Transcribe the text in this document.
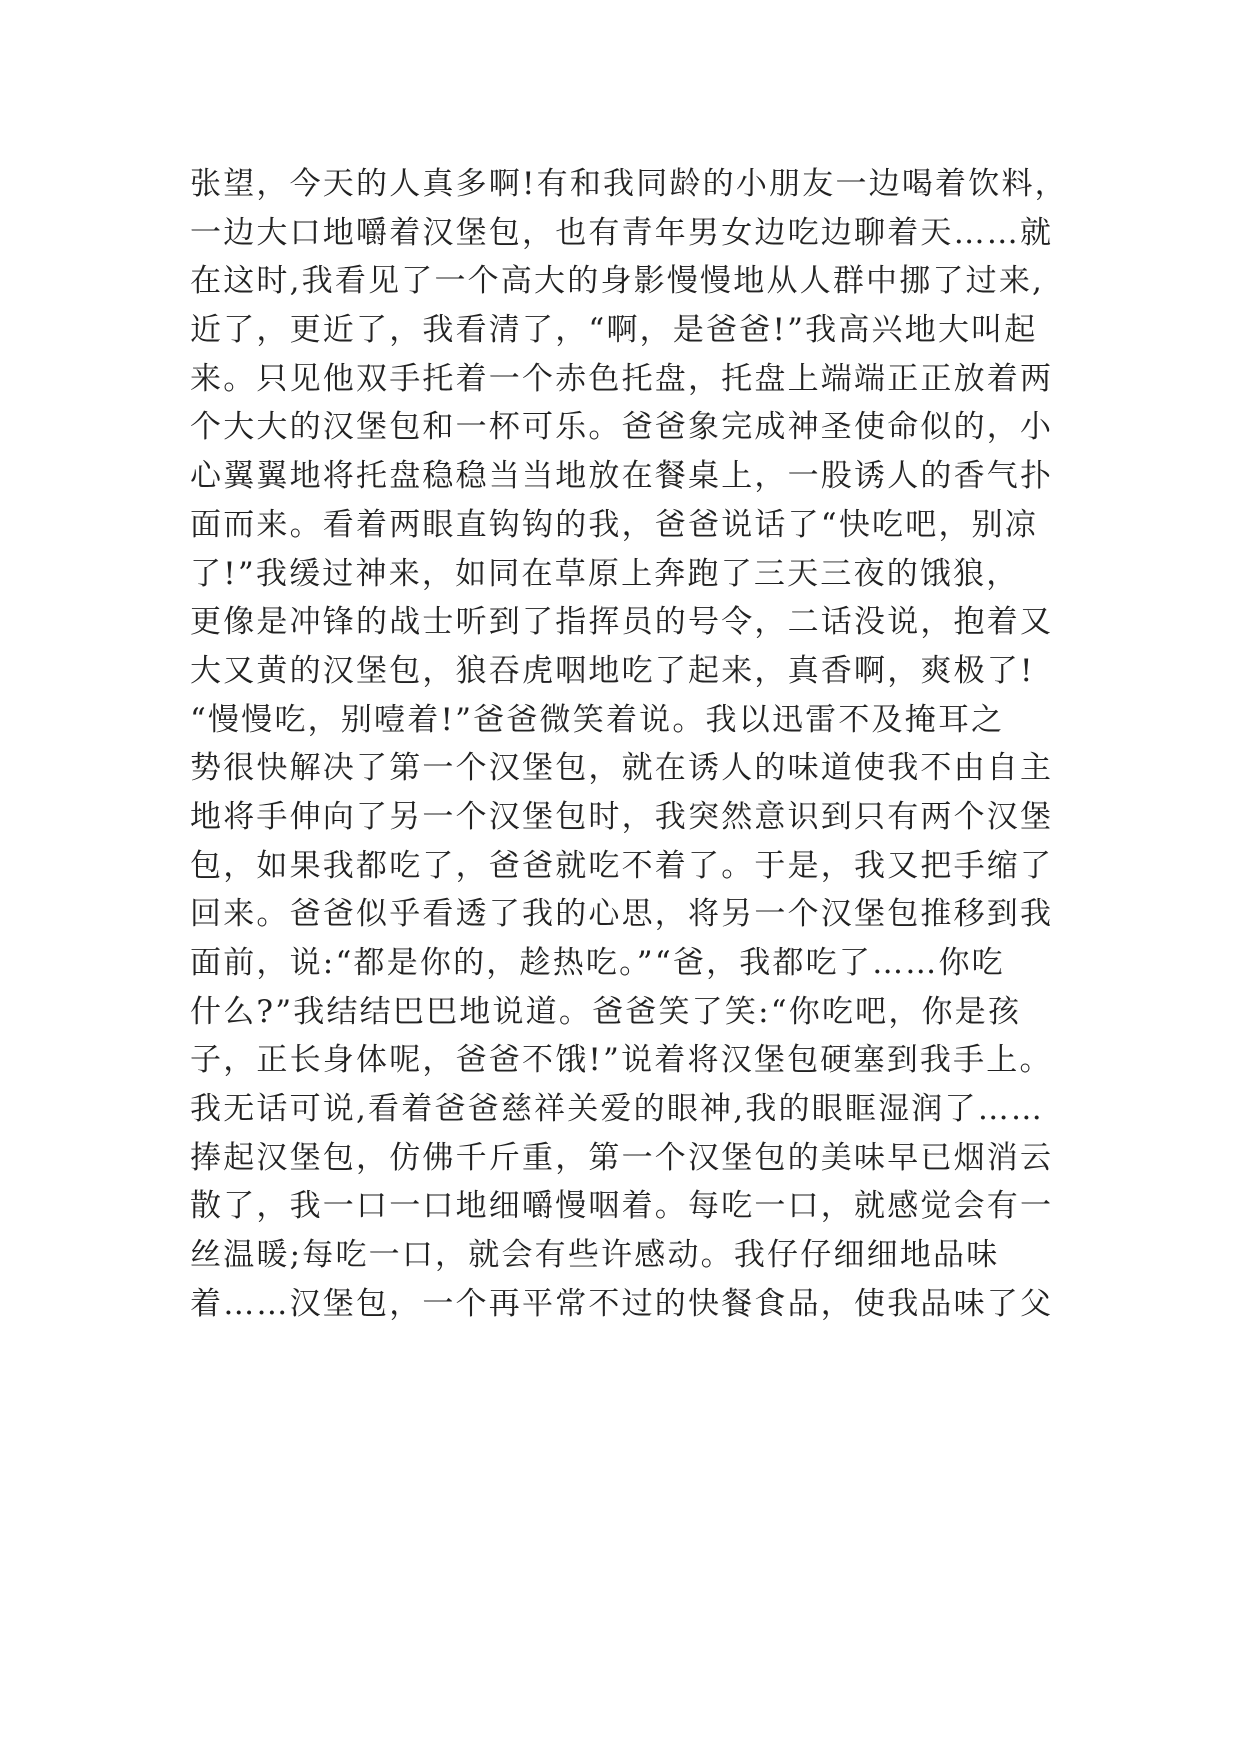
张望，今天的人真多啊!有和我同龄的小朋友一边喝着饮料，
一边大口地嚼着汉堡包，也有青年男女边吃边聊着天……就
在这时,我看见了一个高大的身影慢慢地从人群中挪了过来,
近了，更近了，我看清了，“啊，是爸爸!”我高兴地大叫起
来。只见他双手托着一个赤色托盘，托盘上端端正正放着两
个大大的汉堡包和一杯可乐。爸爸象完成神圣使命似的，小
心翼翼地将托盘稳稳当当地放在餐桌上，一股诱人的香气扑
面而来。看着两眼直钩钩的我，爸爸说话了“快吃吧，别凉
了!”我缓过神来，如同在草原上奔跑了三天三夜的饿狼，
更像是冲锋的战士听到了指挥员的号令，二话没说，抱着又
大又黄的汉堡包，狼吞虎咽地吃了起来，真香啊，爽极了!
“慢慢吃，别噎着!”爸爸微笑着说。我以迅雷不及掩耳之
势很快解决了第一个汉堡包，就在诱人的味道使我不由自主
地将手伸向了另一个汉堡包时，我突然意识到只有两个汉堡
包，如果我都吃了，爸爸就吃不着了。于是，我又把手缩了
回来。爸爸似乎看透了我的心思，将另一个汉堡包推移到我
面前，说:“都是你的，趁热吃。”“爸，我都吃了……你吃
什么?”我结结巴巴地说道。爸爸笑了笑:“你吃吧，你是孩
子，正长身体呢，爸爸不饿!”说着将汉堡包硬塞到我手上。
我无话可说,看着爸爸慈祥关爱的眼神,我的眼眶湿润了……
捧起汉堡包，仿佛千斤重，第一个汉堡包的美味早已烟消云
散了，我一口一口地细嚼慢咽着。每吃一口，就感觉会有一
丝温暖;每吃一口，就会有些许感动。我仔仔细细地品味
着……汉堡包，一个再平常不过的快餐食品，使我品味了父
